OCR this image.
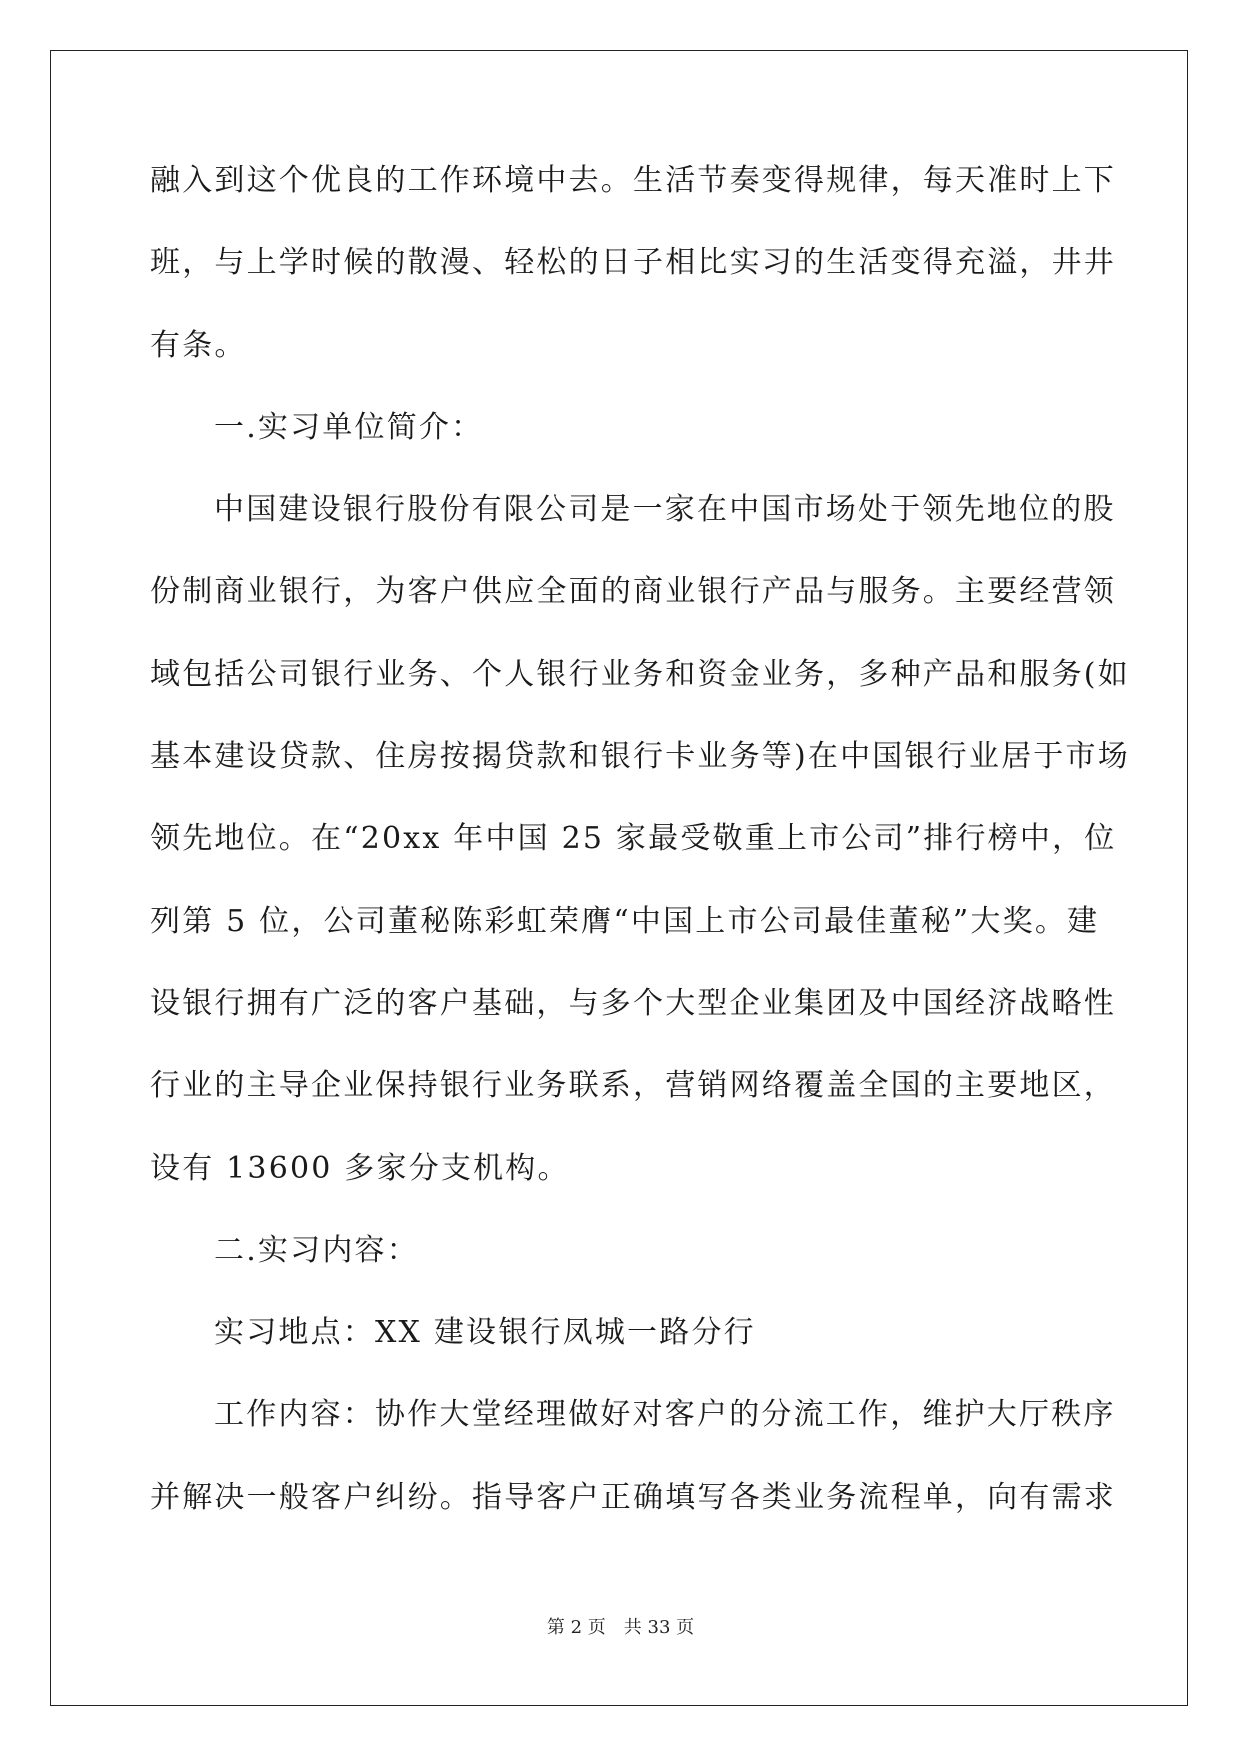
融入到这个优良的工作环境中去。生活节奏变得规律，每天准时上下
班，与上学时候的散漫、轻松的日子相比实习的生活变得充溢，井井
有条。
一.实习单位简介：
中国建设银行股份有限公司是一家在中国市场处于领先地位的股
份制商业银行，为客户供应全面的商业银行产品与服务。主要经营领
域包括公司银行业务、个人银行业务和资金业务，多种产品和服务(如
基本建设贷款、住房按揭贷款和银行卡业务等)在中国银行业居于市场
领先地位。在“20xx 年中国 25 家最受敬重上市公司”排行榜中，位
列第 5 位，公司董秘陈彩虹荣膺“中国上市公司最佳董秘”大奖。建
设银行拥有广泛的客户基础，与多个大型企业集团及中国经济战略性
行业的主导企业保持银行业务联系，营销网络覆盖全国的主要地区，
设有 13600 多家分支机构。
二.实习内容：
实习地点：XX 建设银行凤城一路分行
工作内容：协作大堂经理做好对客户的分流工作，维护大厅秩序
并解决一般客户纠纷。指导客户正确填写各类业务流程单，向有需求
第 2 页　共 33 页
